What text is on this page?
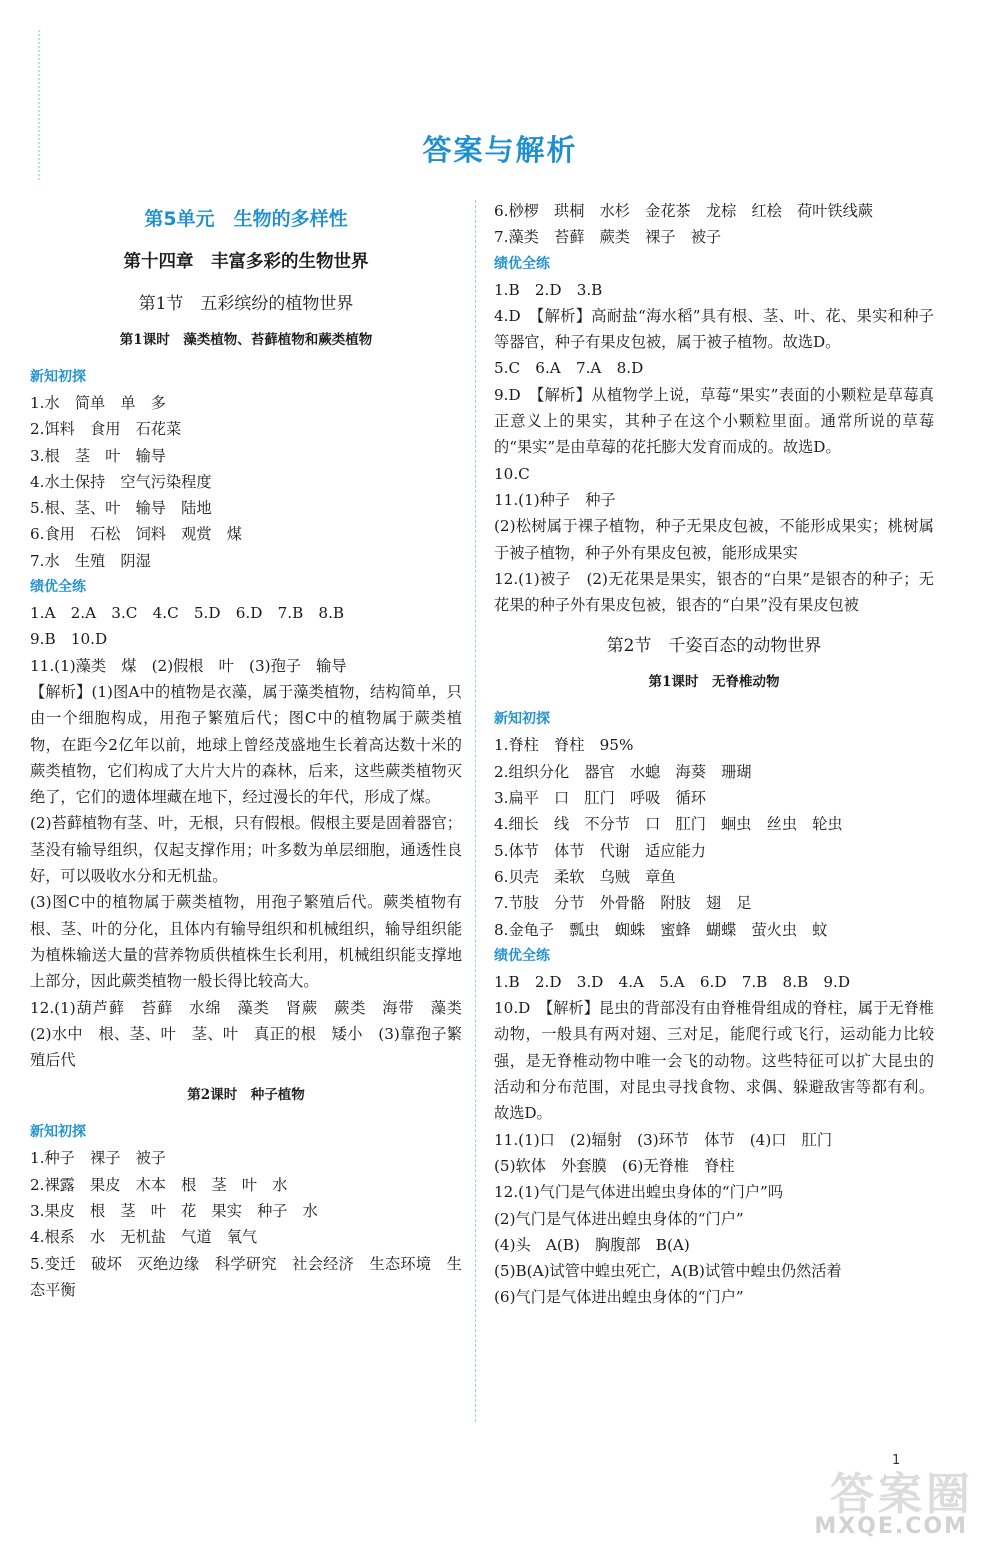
答案与解析
第5单元　生物的多样性
第十四章　丰富多彩的生物世界
第1节　五彩缤纷的植物世界
第1课时　藻类植物、苔藓植物和蕨类植物
新知初探
1.水　简单　单　多
2.饵料　食用　石花菜
3.根　茎　叶　输导
4.水土保持　空气污染程度
5.根、茎、叶　输导　陆地
6.食用　石松　饲料　观赏　煤
7.水　生殖　阴湿
绩优全练
1.A　2.A　3.C　4.C　5.D　6.D　7.B　8.B
9.B　10.D
11.(1)藻类　煤　(2)假根　叶　(3)孢子　输导
【解析】(1)图A中的植物是衣藻，属于藻类植物，结构简单，只由一个细胞构成，用孢子繁殖后代；图C中的植物属于蕨类植物，在距今2亿年以前，地球上曾经茂盛地生长着高达数十米的蕨类植物，它们构成了大片大片的森林，后来，这些蕨类植物灭绝了，它们的遗体埋藏在地下，经过漫长的年代，形成了煤。
(2)苔藓植物有茎、叶，无根，只有假根。假根主要是固着器官；茎没有输导组织，仅起支撑作用；叶多数为单层细胞，通透性良好，可以吸收水分和无机盐。
(3)图C中的植物属于蕨类植物，用孢子繁殖后代。蕨类植物有根、茎、叶的分化，且体内有输导组织和机械组织，输导组织能为植株输送大量的营养物质供植株生长利用，机械组织能支撑地上部分，因此蕨类植物一般长得比较高大。
12.(1)葫芦藓　苔藓　水绵　藻类　肾蕨　蕨类　海带　藻类　(2)水中　根、茎、叶　茎、叶　真正的根　矮小　(3)靠孢子繁殖后代
第2课时　种子植物
新知初探
1.种子　裸子　被子
2.裸露　果皮　木本　根　茎　叶　水
3.果皮　根　茎　叶　花　果实　种子　水
4.根系　水　无机盐　气道　氧气
5.变迁　破坏　灭绝边缘　科学研究　社会经济　生态环境　生态平衡
6.桫椤　珙桐　水杉　金花茶　龙棕　红桧　荷叶铁线蕨
7.藻类　苔藓　蕨类　裸子　被子
绩优全练
1.B　2.D　3.B
4.D　【解析】高耐盐“海水稻”具有根、茎、叶、花、果实和种子等器官，种子有果皮包被，属于被子植物。故选D。
5.C　6.A　7.A　8.D
9.D　【解析】从植物学上说，草莓“果实”表面的小颗粒是草莓真正意义上的果实，其种子在这个小颗粒里面。通常所说的草莓的“果实”是由草莓的花托膨大发育而成的。故选D。
10.C
11.(1)种子　种子
(2)松树属于裸子植物，种子无果皮包被，不能形成果实；桃树属于被子植物，种子外有果皮包被，能形成果实
12.(1)被子　(2)无花果是果实，银杏的“白果”是银杏的种子；无花果的种子外有果皮包被，银杏的“白果”没有果皮包被
第2节　千姿百态的动物世界
第1课时　无脊椎动物
新知初探
1.脊柱　脊柱　95%
2.组织分化　器官　水螅　海葵　珊瑚
3.扁平　口　肛门　呼吸　循环
4.细长　线　不分节　口　肛门　蛔虫　丝虫　轮虫
5.体节　体节　代谢　适应能力
6.贝壳　柔软　乌贼　章鱼
7.节肢　分节　外骨骼　附肢　翅　足
8.金龟子　瓢虫　蜘蛛　蜜蜂　蝴蝶　萤火虫　蚊
绩优全练
1.B　2.D　3.D　4.A　5.A　6.D　7.B　8.B　9.D
10.D　【解析】昆虫的背部没有由脊椎骨组成的脊柱，属于无脊椎动物，一般具有两对翅、三对足，能爬行或飞行，运动能力比较强，是无脊椎动物中唯一会飞的动物。这些特征可以扩大昆虫的活动和分布范围，对昆虫寻找食物、求偶、躲避敌害等都有利。故选D。
11.(1)口　(2)辐射　(3)环节　体节　(4)口　肛门
(5)软体　外套膜　(6)无脊椎　脊柱
12.(1)气门是气体进出蝗虫身体的“门户”吗
(2)气门是气体进出蝗虫身体的“门户”
(4)头　A(B)　胸腹部　B(A)
(5)B(A)试管中蝗虫死亡，A(B)试管中蝗虫仍然活着
(6)气门是气体进出蝗虫身体的“门户”
1
答案圈
MXQE.COM
